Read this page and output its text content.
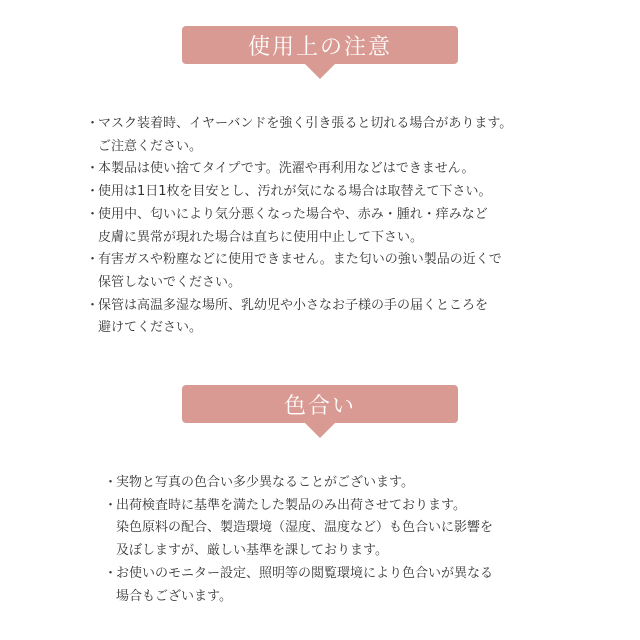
使用上の注意
・
マスク装着時、イヤーバンドを強く引き張ると切れる場合があります。
ご注意ください。
・
本製品は使い捨てタイプです。洗濯や再利用などはできません。
・
使用は1日1枚を目安とし、汚れが気になる場合は取替えて下さい。
・
使用中、匂いにより気分悪くなった場合や、赤み・腫れ・痒みなど
皮膚に異常が現れた場合は直ちに使用中止して下さい。
・
有害ガスや粉塵などに使用できません。また匂いの強い製品の近くで
保管しないでください。
・
保管は高温多湿な場所、乳幼児や小さなお子様の手の届くところを
避けてください。
色合い
・
実物と写真の色合い多少異なることがございます。
・
出荷検査時に基準を満たした製品のみ出荷させております。
染色原料の配合、製造環境（湿度、温度など）も色合いに影響を
及ぼしますが、厳しい基準を課しております。
・
お使いのモニター設定、照明等の閲覧環境により色合いが異なる
場合もございます。
